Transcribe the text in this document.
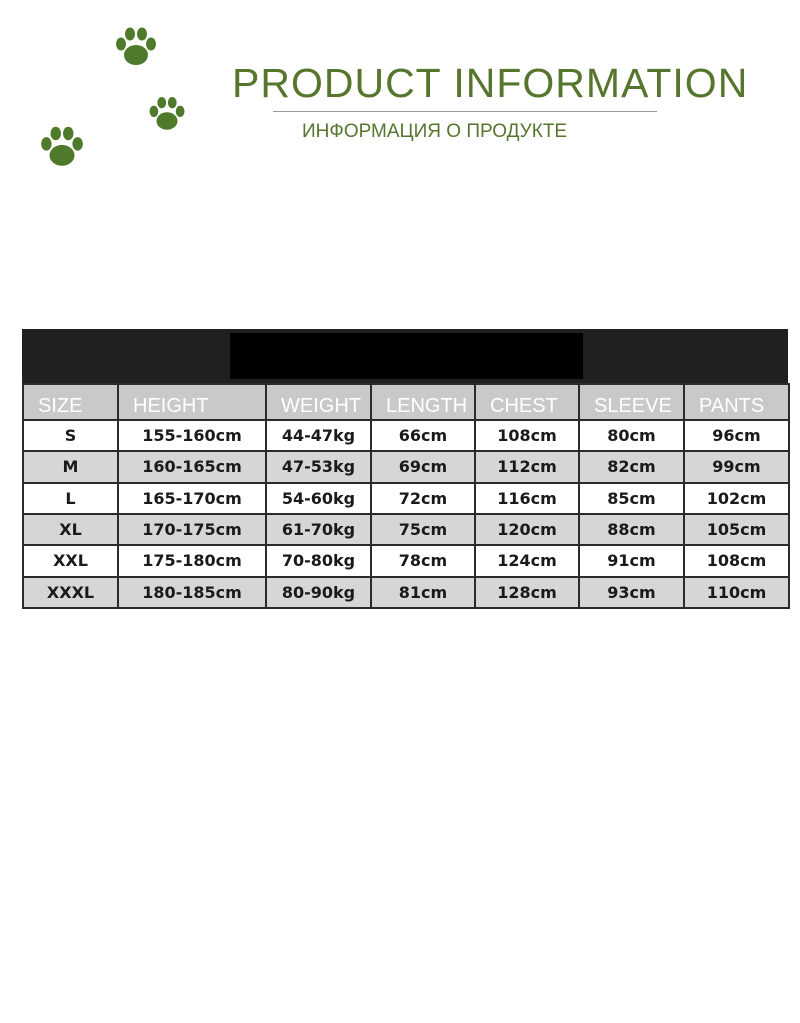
PRODUCT INFORMATION
ИНФОРМАЦИЯ О ПРОДУКТЕ
SIZE	HEIGHT	WEIGHT	LENGTH	CHEST	SLEEVE	PANTS
S	155-160cm	44-47kg	66cm	108cm	80cm	96cm
M	160-165cm	47-53kg	69cm	112cm	82cm	99cm
L	165-170cm	54-60kg	72cm	116cm	85cm	102cm
XL	170-175cm	61-70kg	75cm	120cm	88cm	105cm
XXL	175-180cm	70-80kg	78cm	124cm	91cm	108cm
XXXL	180-185cm	80-90kg	81cm	128cm	93cm	110cm
